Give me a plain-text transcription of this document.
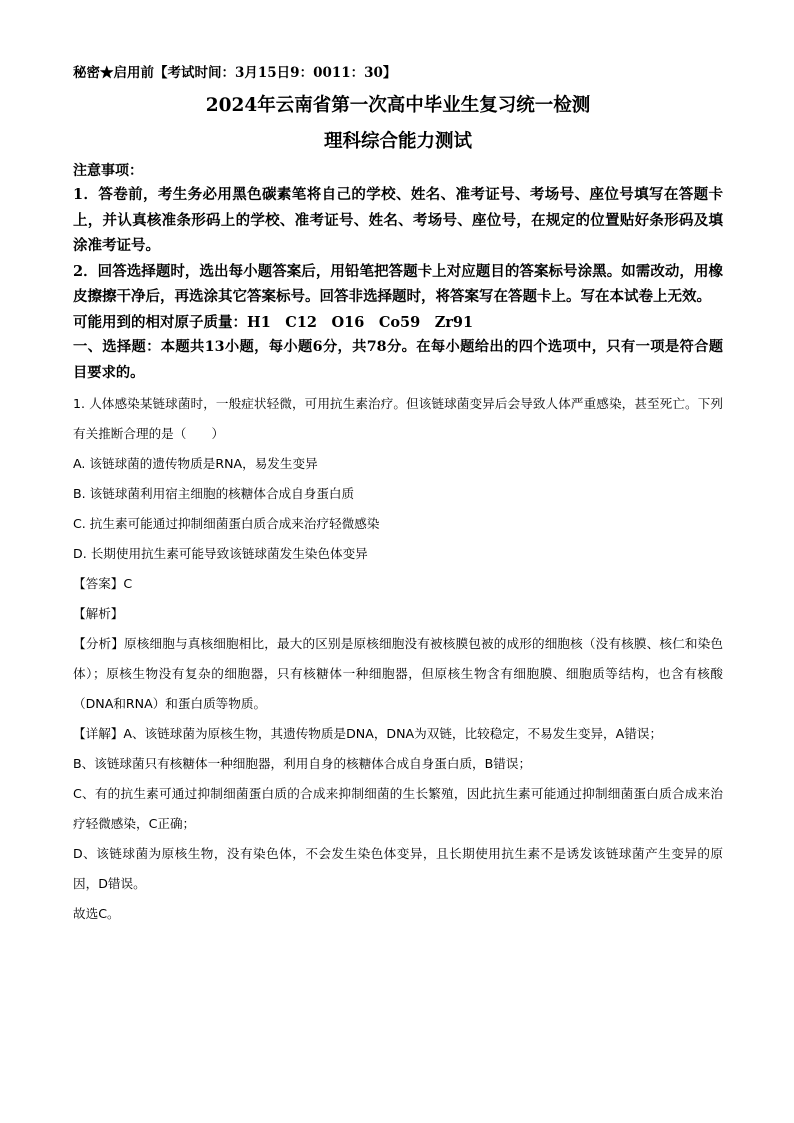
秘密★启用前【考试时间：3月15日9：0011：30】

2024年云南省第一次高中毕业生复习统一检测
理科综合能力测试

注意事项：

1．答卷前，考生务必用黑色碳素笔将自己的学校、姓名、准考证号、考场号、座位号填写在答题卡上，并认真核准条形码上的学校、准考证号、姓名、考场号、座位号，在规定的位置贴好条形码及填涂准考证号。

2．回答选择题时，选出每小题答案后，用铅笔把答题卡上对应题目的答案标号涂黑。如需改动，用橡皮擦擦干净后，再选涂其它答案标号。回答非选择题时，将答案写在答题卡上。写在本试卷上无效。

可能用到的相对原子质量：H1　C12　O16　Co59　Zr91

一、选择题：本题共13小题，每小题6分，共78分。在每小题给出的四个选项中，只有一项是符合题目要求的。

1. 人体感染某链球菌时，一般症状轻微，可用抗生素治疗。但该链球菌变异后会导致人体严重感染，甚至死亡。下列有关推断合理的是（　　）

A. 该链球菌的遗传物质是RNA，易发生变异

B. 该链球菌利用宿主细胞的核糖体合成自身蛋白质

C. 抗生素可能通过抑制细菌蛋白质合成来治疗轻微感染

D. 长期使用抗生素可能导致该链球菌发生染色体变异

【答案】C

【解析】

【分析】原核细胞与真核细胞相比，最大的区别是原核细胞没有被核膜包被的成形的细胞核（没有核膜、核仁和染色体）；原核生物没有复杂的细胞器，只有核糖体一种细胞器，但原核生物含有细胞膜、细胞质等结构，也含有核酸（DNA和RNA）和蛋白质等物质。

【详解】A、该链球菌为原核生物，其遗传物质是DNA，DNA为双链，比较稳定，不易发生变异，A错误；

B、该链球菌只有核糖体一种细胞器，利用自身的核糖体合成自身蛋白质，B错误；

C、有的抗生素可通过抑制细菌蛋白质的合成来抑制细菌的生长繁殖，因此抗生素可能通过抑制细菌蛋白质合成来治疗轻微感染，C正确；

D、该链球菌为原核生物，没有染色体，不会发生染色体变异，且长期使用抗生素不是诱发该链球菌产生变异的原因，D错误。

故选C。
